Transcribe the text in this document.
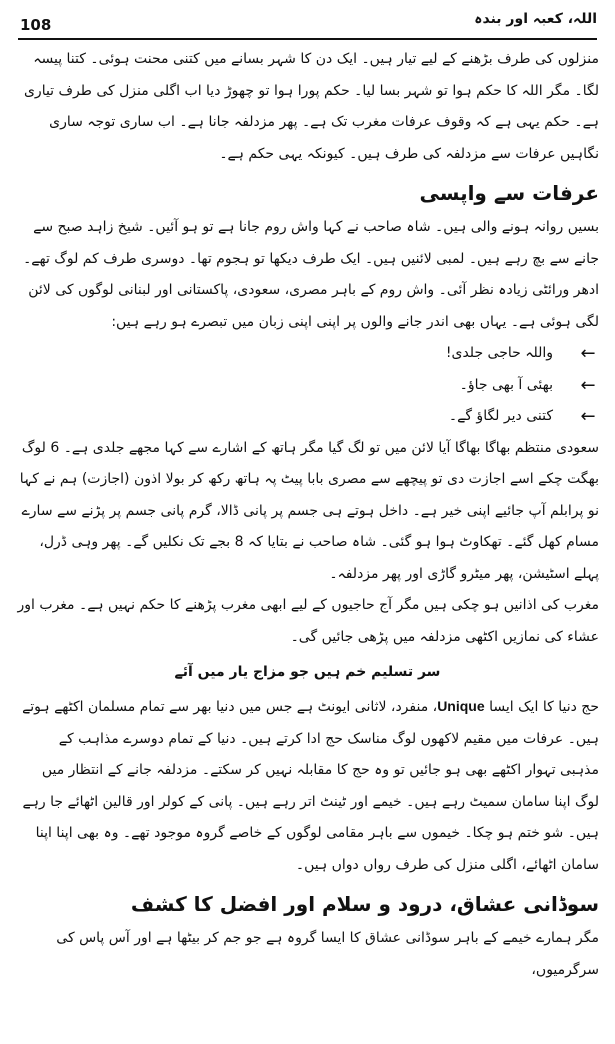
108	اللہ، کعبہ اور بندہ

منزلوں کی طرف بڑھنے کے لیے تیار ہیں۔ ایک دن کا شہر بسانے میں کتنی محنت ہوئی۔ کتنا پیسہ لگا۔ مگر اللہ کا حکم ہوا تو شہر بسا لیا۔ حکم پورا ہوا تو چھوڑ دیا اب اگلی منزل کی طرف تیاری ہے۔ حکم یہی ہے کہ وقوف عرفات مغرب تک ہے۔ پھر مزدلفہ جانا ہے۔ اب ساری توجہ ساری نگاہیں عرفات سے مزدلفہ کی طرف ہیں۔ کیونکہ یہی حکم ہے۔

عرفات سے واپسی

بسیں روانہ ہونے والی ہیں۔ شاہ صاحب نے کہا واش روم جانا ہے تو ہو آئیں۔ شیخ زاہد صبح سے جانے سے بچ رہے ہیں۔ لمبی لائنیں ہیں۔ ایک طرف دیکھا تو ہجوم تھا۔ دوسری طرف کم لوگ تھے۔ ادھر ورائٹی زیادہ نظر آئی۔ واش روم کے باہر مصری، سعودی، پاکستانی اور لبنانی لوگوں کی لائن لگی ہوئی ہے۔ یہاں بھی اندر جانے والوں پر اپنی اپنی زبان میں تبصرے ہو رہے ہیں:

←
واللہ حاجی جلدی!
←
بھئی آ بھی جاؤ۔
←
کتنی دیر لگاؤ گے۔

سعودی منتظم بھاگا بھاگا آیا لائن میں تو لگ گیا مگر ہاتھ کے اشارے سے کہا مجھے جلدی ہے۔ 6 لوگ بھگت چکے اسے اجازت دی تو پیچھے سے مصری بابا پیٹ پہ ہاتھ رکھ کر بولا اذون (اجازت) ہم نے کہا نو پرابلم آپ جائیے اپنی خیر ہے۔ داخل ہوتے ہی جسم پر پانی ڈالا، گرم پانی جسم پر پڑنے سے سارے مسام کھل گئے۔ تھکاوٹ ہوا ہو گئی۔ شاہ صاحب نے بتایا کہ 8 بجے تک نکلیں گے۔ پھر وہی ڈرل، پہلے اسٹیشن، پھر میٹرو گاڑی اور پھر مزدلفہ۔

مغرب کی اذانیں ہو چکی ہیں مگر آج حاجیوں کے لیے ابھی مغرب پڑھنے کا حکم نہیں ہے۔ مغرب اور عشاء کی نمازیں اکٹھی مزدلفہ میں پڑھی جائیں گی۔

سر تسلیم خم ہیں جو مزاج یار میں آئے

حج دنیا کا ایک ایسا Unique، منفرد، لاثانی ایونٹ ہے جس میں دنیا بھر سے تمام مسلمان اکٹھے ہوتے ہیں۔ عرفات میں مقیم لاکھوں لوگ مناسک حج ادا کرتے ہیں۔ دنیا کے تمام دوسرے مذاہب کے مذہبی تہوار اکٹھے بھی ہو جائیں تو وہ حج کا مقابلہ نہیں کر سکتے۔ مزدلفہ جانے کے انتظار میں لوگ اپنا سامان سمیٹ رہے ہیں۔ خیمے اور ٹینٹ اتر رہے ہیں۔ پانی کے کولر اور قالین اٹھائے جا رہے ہیں۔ شو ختم ہو چکا۔ خیموں سے باہر مقامی لوگوں کے خاصے گروہ موجود تھے۔ وہ بھی اپنا اپنا سامان اٹھائے، اگلی منزل کی طرف رواں دواں ہیں۔

سوڈانی عشاق، درود و سلام اور افضل کا کشف

مگر ہمارے خیمے کے باہر سوڈانی عشاق کا ایسا گروہ ہے جو جم کر بیٹھا ہے اور آس پاس کی سرگرمیوں،
